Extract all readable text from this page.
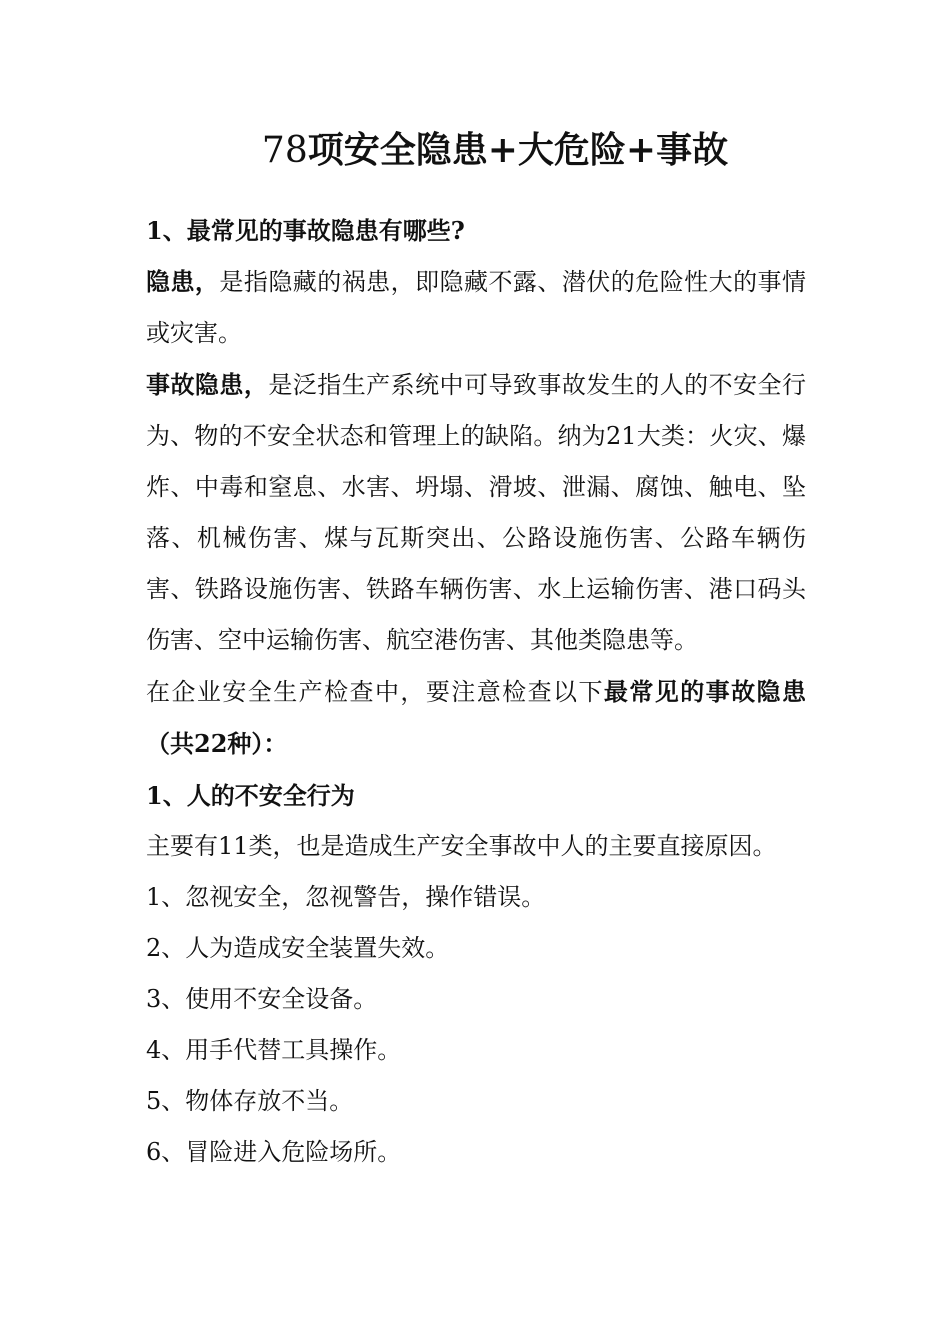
78项安全隐患+大危险+事故

1、最常见的事故隐患有哪些?

隐患，是指隐藏的祸患，即隐藏不露、潜伏的危险性大的事情或灾害。

事故隐患，是泛指生产系统中可导致事故发生的人的不安全行为、物的不安全状态和管理上的缺陷。纳为21大类：火灾、爆炸、中毒和窒息、水害、坍塌、滑坡、泄漏、腐蚀、触电、坠落、机械伤害、煤与瓦斯突出、公路设施伤害、公路车辆伤害、铁路设施伤害、铁路车辆伤害、水上运输伤害、港口码头伤害、空中运输伤害、航空港伤害、其他类隐患等。

在企业安全生产检查中，要注意检查以下最常见的事故隐患（共22种）：

1、人的不安全行为

主要有11类，也是造成生产安全事故中人的主要直接原因。

1、忽视安全，忽视警告，操作错误。

2、人为造成安全装置失效。

3、使用不安全设备。

4、用手代替工具操作。

5、物体存放不当。

6、冒险进入危险场所。
